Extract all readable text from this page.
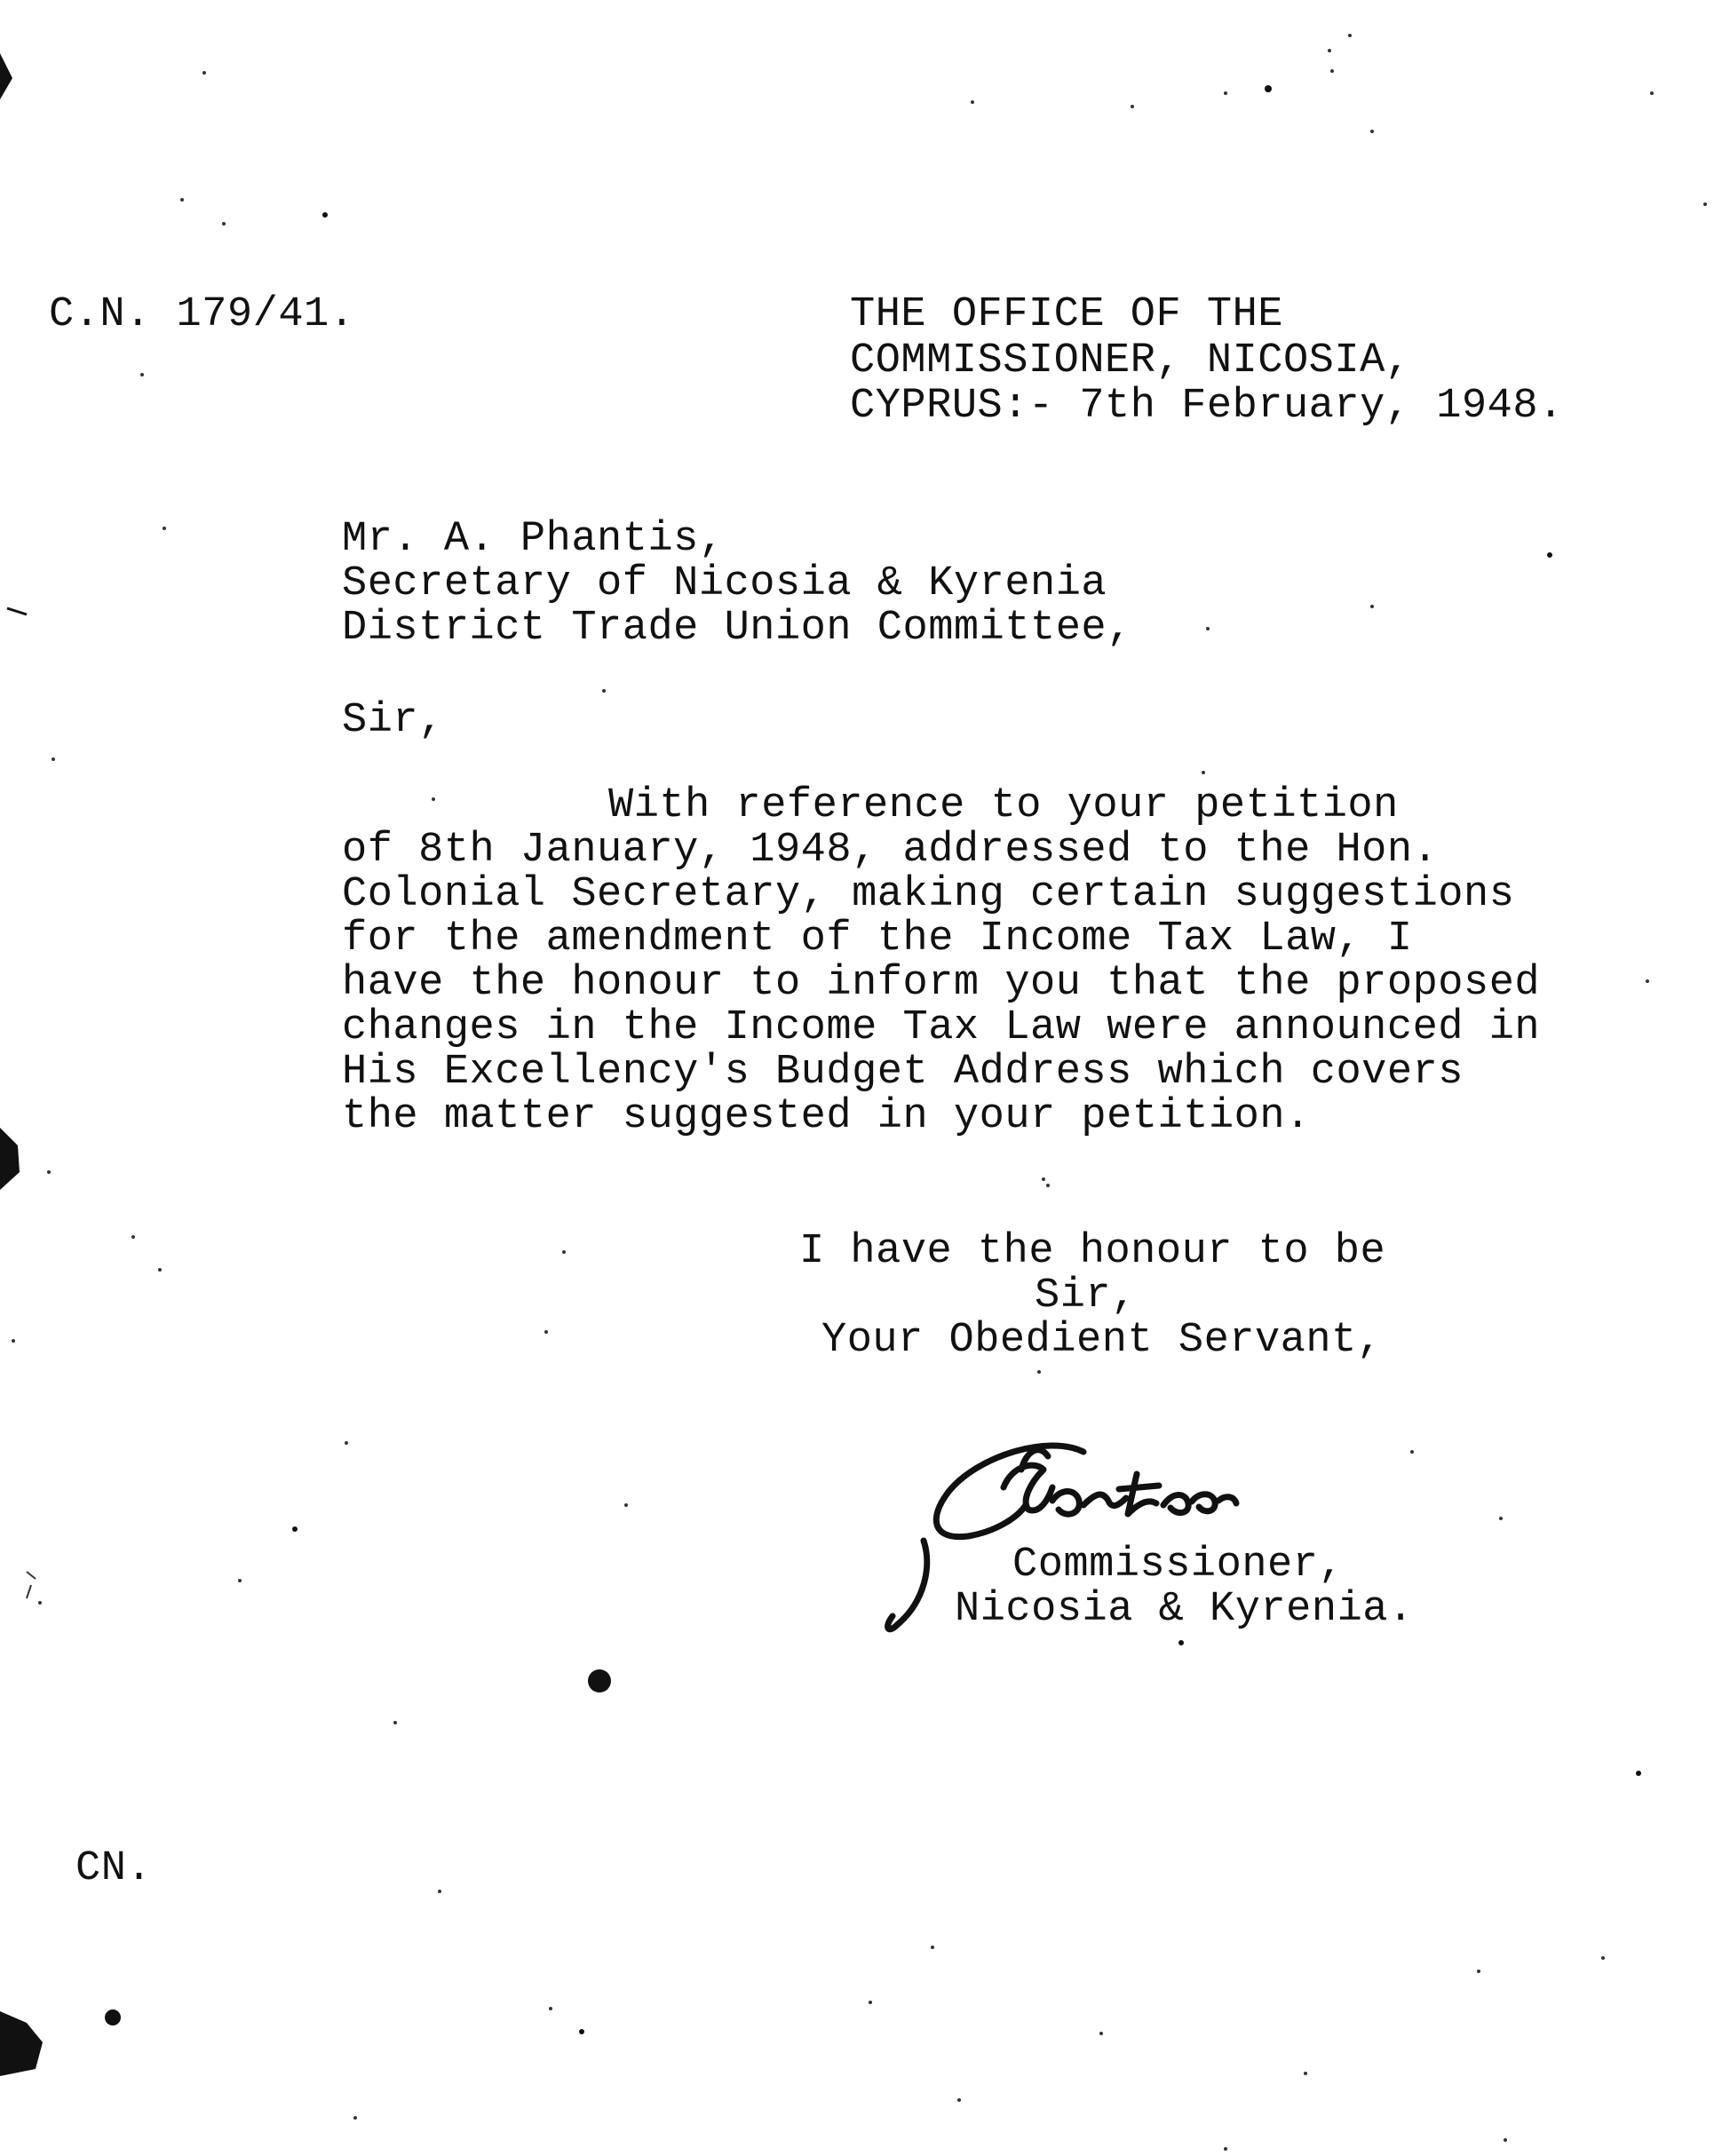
C.N. 179/41.	THE OFFICE OF THE
COMMISSIONER, NICOSIA,
CYPRUS:- 7th February, 1948.
Mr. A. Phantis,
Secretary of Nicosia & Kyrenia
District Trade Union Committee,
Sir,
With reference to your petition
of 8th January, 1948, addressed to the Hon.
Colonial Secretary, making certain suggestions
for the amendment of the Income Tax Law, I
have the honour to inform you that the proposed
changes in the Income Tax Law were announced in
His Excellency's Budget Address which covers
the matter suggested in your petition.
I have the honour to be
Sir,
Your Obedient Servant,
Commissioner,
Nicosia & Kyrenia.
CN.
